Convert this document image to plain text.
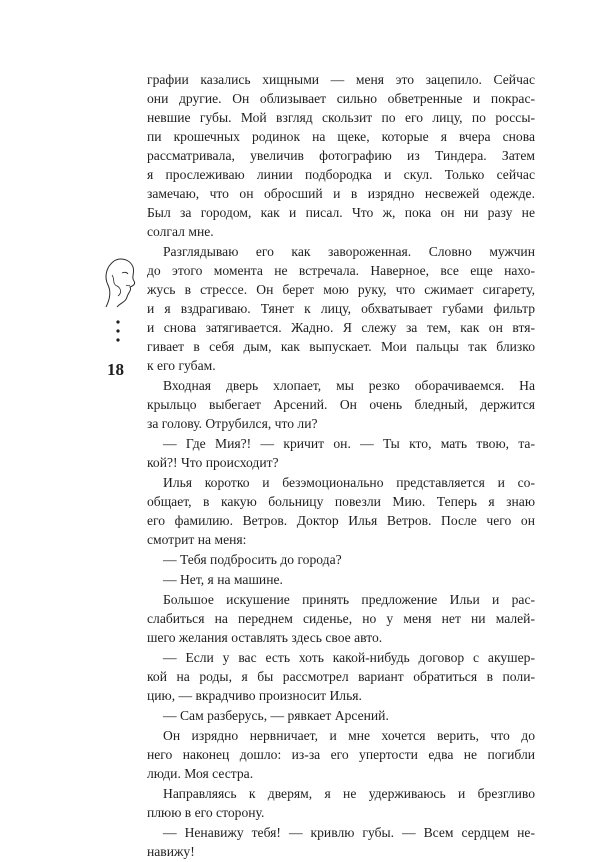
18

графии казались хищными — меня это зацепило. Сейчас
они другие. Он облизывает сильно обветренные и покрас-
невшие губы. Мой взгляд скользит по его лицу, по россы-
пи крошечных родинок на щеке, которые я вчера снова
рассматривала, увеличив фотографию из Тиндера. Затем
я прослеживаю линии подбородка и скул. Только сейчас
замечаю, что он обросший и в изрядно несвежей одежде.
Был за городом, как и писал. Что ж, пока он ни разу не
солгал мне.

Разглядываю его как завороженная. Словно мужчин
до этого момента не встречала. Наверное, все еще нахо-
жусь в стрессе. Он берет мою руку, что сжимает сигарету,
и я вздрагиваю. Тянет к лицу, обхватывает губами фильтр
и снова затягивается. Жадно. Я слежу за тем, как он втя-
гивает в себя дым, как выпускает. Мои пальцы так близко
к его губам.

Входная дверь хлопает, мы резко оборачиваемся. На
крыльцо выбегает Арсений. Он очень бледный, держится
за голову. Отрубился, что ли?

— Где Мия?! — кричит он. — Ты кто, мать твою, та-
кой?! Что происходит?

Илья коротко и безэмоционально представляется и со-
общает, в какую больницу повезли Мию. Теперь я знаю
его фамилию. Ветров. Доктор Илья Ветров. После чего он
смотрит на меня:

— Тебя подбросить до города?

— Нет, я на машине.

Большое искушение принять предложение Ильи и рас-
слабиться на переднем сиденье, но у меня нет ни малей-
шего желания оставлять здесь свое авто.

— Если у вас есть хоть какой-нибудь договор с акушер-
кой на роды, я бы рассмотрел вариант обратиться в поли-
цию, — вкрадчиво произносит Илья.

— Сам разберусь, — рявкает Арсений.

Он изрядно нервничает, и мне хочется верить, что до
него наконец дошло: из-за его упертости едва не погибли
люди. Моя сестра.

Направляясь к дверям, я не удерживаюсь и брезгливо
плюю в его сторону.

— Ненавижу тебя! — кривлю губы. — Всем сердцем не-
навижу!
